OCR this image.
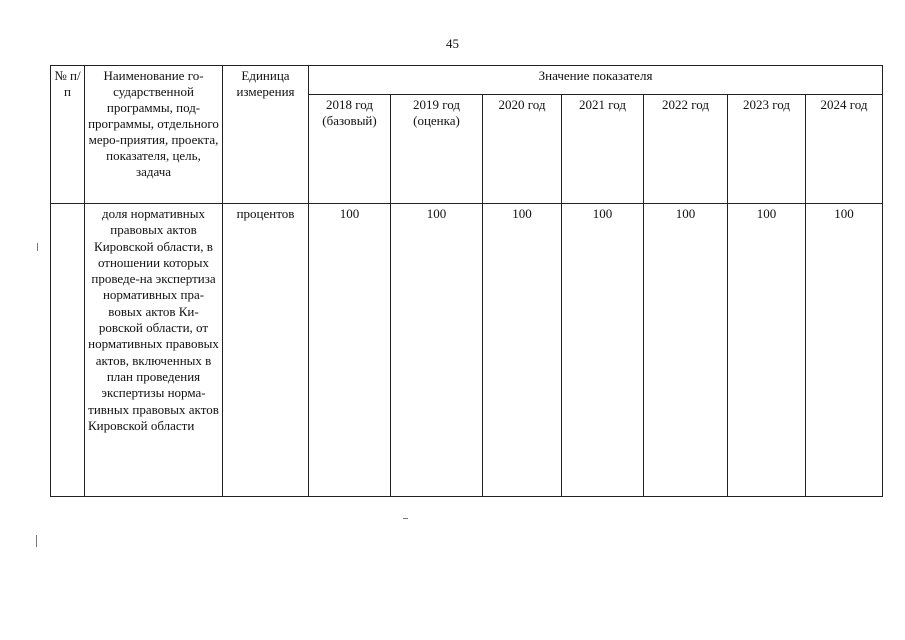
45
№ п/п	Наименование го-сударственной программы, под-программы, отдельного меро-приятия, проекта, показателя, цель, задача	Единица измерения	Значение показателя						
			2018 год (базовый)	2019 год (оценка)	2020 год	2021 год	2022 год	2023 год	2024 год
	доля нормативных правовых актов Кировской области, в отношении которых проведе-на экспертиза нормативных пра-вовых актов Ки-ровской области, от нормативных правовых актов, включенных в план проведения экспертизы норма-тивных правовых актов Кировской области	процентов	100	100	100	100	100	100	100
